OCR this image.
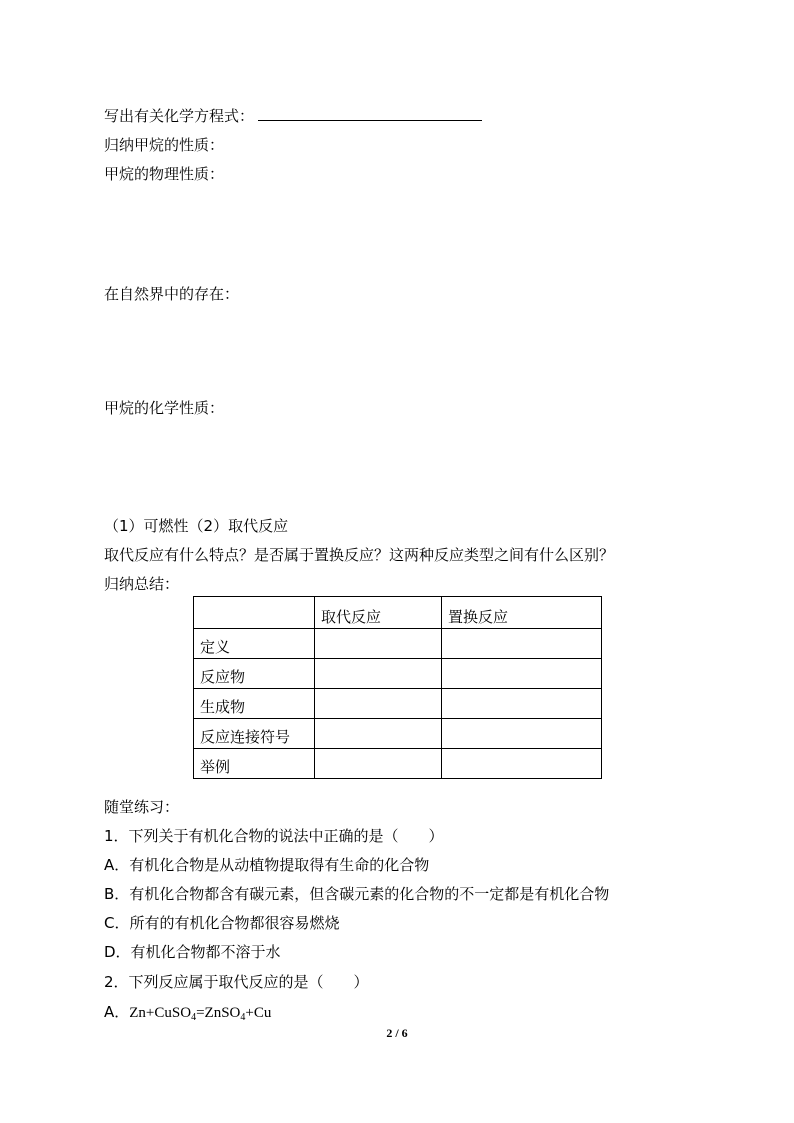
写出有关化学方程式：
归纳甲烷的性质：
甲烷的物理性质：
在自然界中的存在：
甲烷的化学性质：
（1）可燃性（2）取代反应
取代反应有什么特点？是否属于置换反应？这两种反应类型之间有什么区别？
归纳总结：
	取代反应	置换反应
定义		
反应物		
生成物		
反应连接符号		
举例		
随堂练习：
1．下列关于有机化合物的说法中正确的是（　　）
A．有机化合物是从动植物提取得有生命的化合物
B．有机化合物都含有碳元素，但含碳元素的化合物的不一定都是有机化合物
C．所有的有机化合物都很容易燃烧
D．有机化合物都不溶于水
2．下列反应属于取代反应的是（　　）
A．Zn+CuSO$_4$=ZnSO$_4$+Cu
2 / 6
